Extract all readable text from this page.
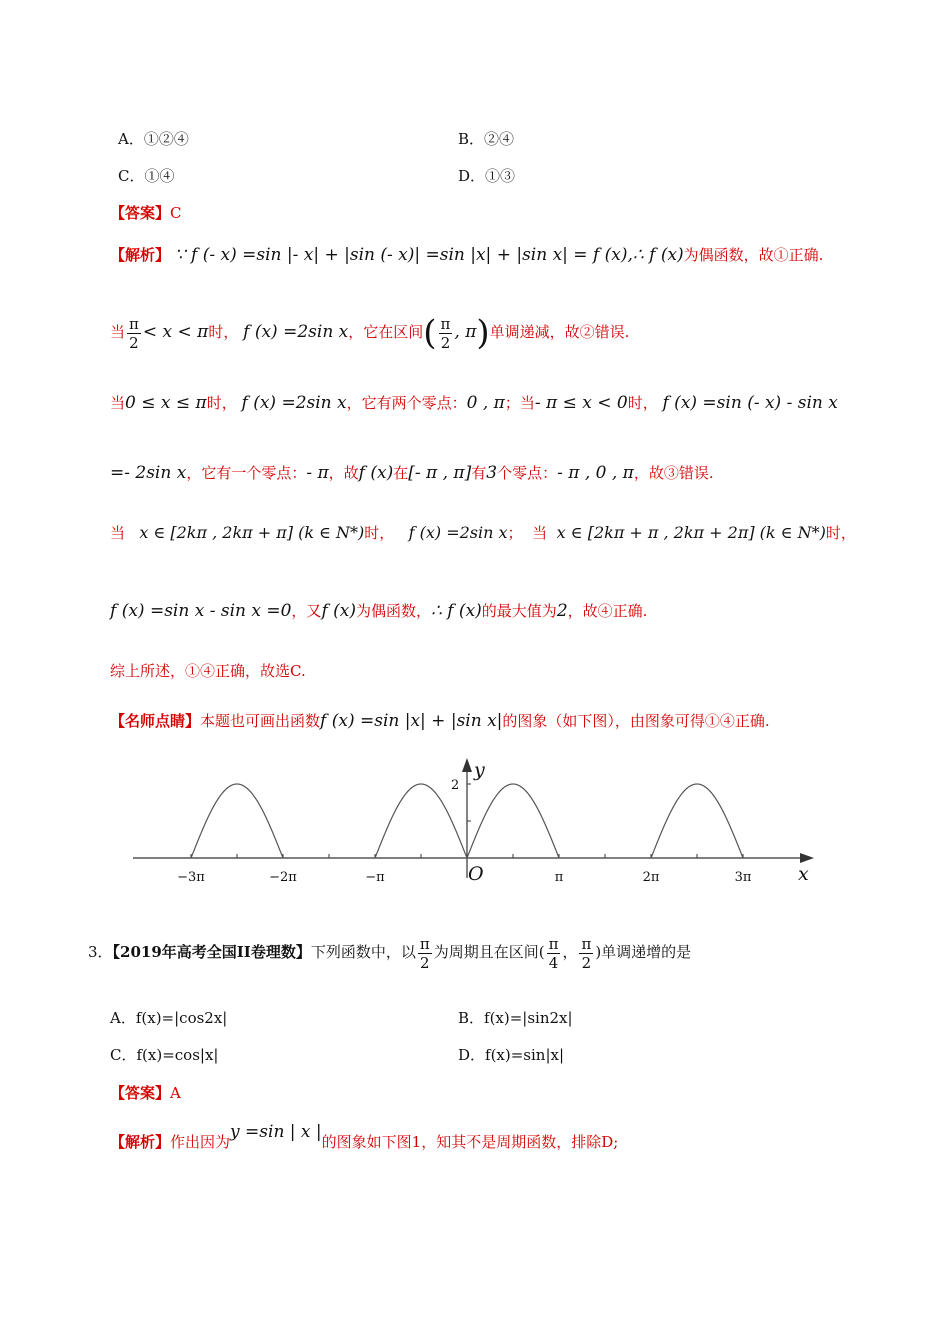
A．①②④	B．②④
C．①④	D．①③
【答案】C
【解析】 ∵ f (- x) =sin |- x| + |sin (- x)| =sin |x| + |sin x| = f (x),∴ f (x)为偶函数，故①正确.
当 $\frac{\pi}{2} < x < \pi$时， f (x) =2sin x，它在区间( $\frac{\pi}{2}$ , π)单调递减，故②错误.
当0 ≤ x ≤ π时， f (x) =2sin x，它有两个零点：0 , π；当- π ≤ x < 0时， f (x) =sin (- x) - sin x
=- 2sin x，它有一个零点：- π，故f (x)在[- π , π]有3个零点：- π , 0 , π，故③错误.
当 x ∈ [2kπ , 2kπ + π] (k ∈ N*)时， f (x) =2sin x； 当 x ∈ [2kπ + π , 2kπ + 2π] (k ∈ N*)时，
f (x) =sin x - sin x =0，又f (x)为偶函数，∴ f (x)的最大值为2，故④正确.
综上所述，①④正确，故选C.
【名师点睛】本题也可画出函数f (x) =sin |x| + |sin x|的图象（如下图），由图象可得①④正确.
−3π	−2π	−π	π	2π	3π
2
O	x
y
3．【2019年高考全国II卷理数】下列函数中，以 $\frac{\pi}{2}$ 为周期且在区间( $\frac{\pi}{4}$ ， $\frac{\pi}{2}$ )单调递增的是
A．f(x)=|cos2x|	B．f(x)=|sin2x|
C．f(x)=cos|x|	D．f(x)=sin|x|
【答案】A
【解析】作出因为y =sin | x |的图象如下图1，知其不是周期函数，排除D;
